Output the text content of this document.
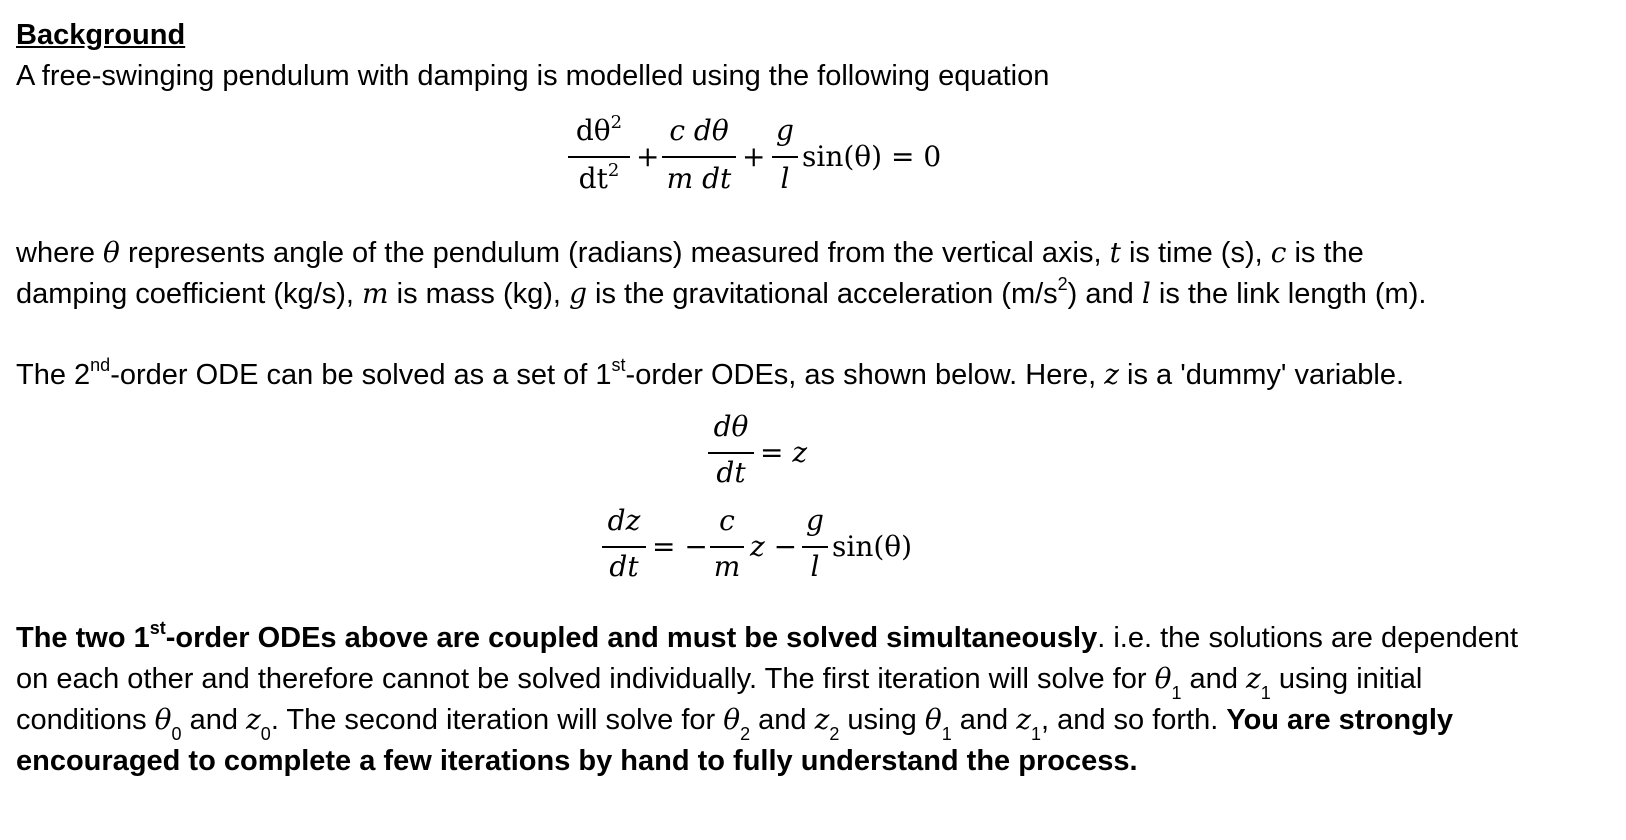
Background
A free-swinging pendulum with damping is modelled using the following equation
$d\theta^2$
$dt^2$ +
c dθ
m dt
+
g
l
sin(θ) = 0
where θ represents angle of the pendulum (radians) measured from the vertical axis, t is time (s), c is the
damping coefficient (kg/s), m is mass (kg), g is the gravitational acceleration $(m/s^2)$ and l is the link length (m).
The 2nd-order ODE can be solved as a set of 1st-order ODEs, as shown below. Here, z is a 'dummy' variable.
dθ
dt
= z
dz
dt
= −
c
m
z −
g
l
sin(θ)
The two 1st-order ODEs above are coupled and must be solved simultaneously. i.e. the solutions are dependent
on each other and therefore cannot be solved individually. The first iteration will solve for $\theta_1$ and $z_1$ using initial
conditions $\theta_0$ and $z_0$. The second iteration will solve for $\theta_2$ and $z_2$ using $\theta_1$ and $z_1$, and so forth. You are strongly
encouraged to complete a few iterations by hand to fully understand the process.
